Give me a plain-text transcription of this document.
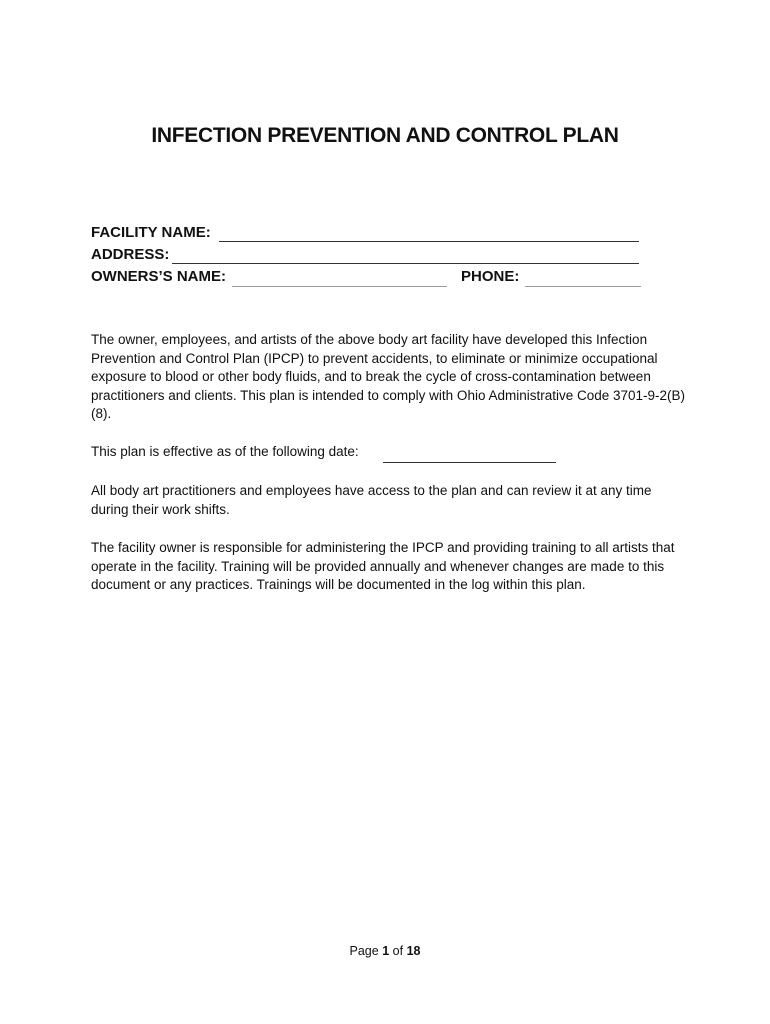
INFECTION PREVENTION AND CONTROL PLAN
FACILITY NAME:
ADDRESS:
OWNERS’S NAME:	PHONE:

The owner, employees, and artists of the above body art facility have developed this Infection Prevention and Control Plan (IPCP) to prevent accidents, to eliminate or minimize occupational exposure to blood or other body fluids, and to break the cycle of cross-contamination between practitioners and clients. This plan is intended to comply with Ohio Administrative Code 3701-9-2(B)(8).

This plan is effective as of the following date:

All body art practitioners and employees have access to the plan and can review it at any time during their work shifts.

The facility owner is responsible for administering the IPCP and providing training to all artists that operate in the facility. Training will be provided annually and whenever changes are made to this document or any practices. Trainings will be documented in the log within this plan.

Page 1 of 18
